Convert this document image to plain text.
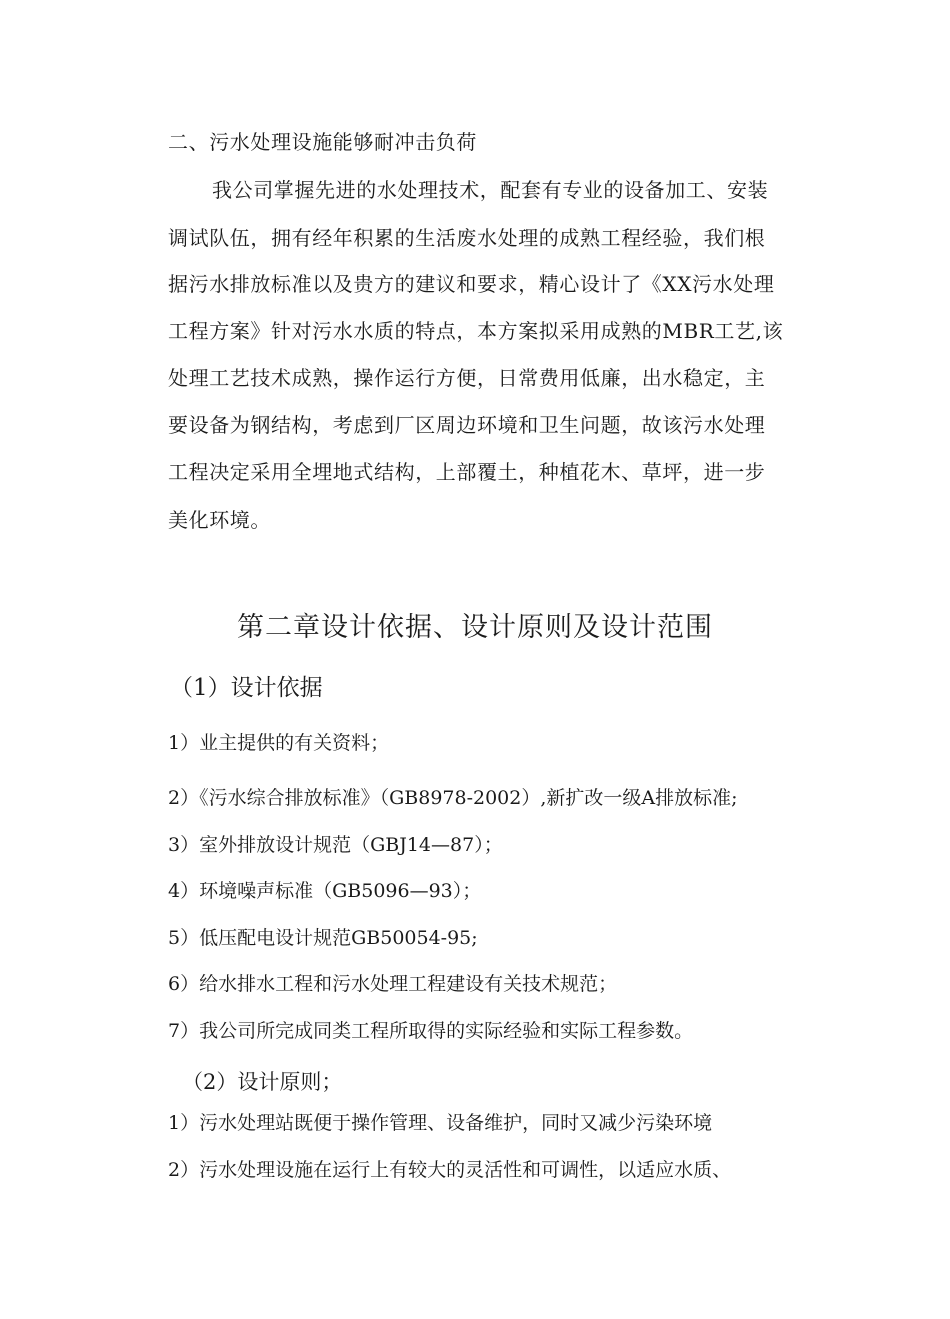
二、污水处理设施能够耐冲击负荷
我公司掌握先进的水处理技术，配套有专业的设备加工、安装
调试队伍，拥有经年积累的生活废水处理的成熟工程经验，我们根
据污水排放标准以及贵方的建议和要求，精心设计了《XX污水处理
工程方案》针对污水水质的特点，本方案拟采用成熟的MBR工艺,该
处理工艺技术成熟，操作运行方便，日常费用低廉，出水稳定，主
要设备为钢结构，考虑到厂区周边环境和卫生问题，故该污水处理
工程决定采用全埋地式结构，上部覆土，种植花木、草坪，进一步
美化环境。
第二章设计依据、设计原则及设计范围
（1）设计依据
1）业主提供的有关资料；
2）《污水综合排放标准》（GB8978-2002）,新扩改一级A排放标准;
3）室外排放设计规范（GBJ14—87）；
4）环境噪声标准（GB5096—93）；
5）低压配电设计规范GB50054-95;
6）给水排水工程和污水处理工程建设有关技术规范；
7）我公司所完成同类工程所取得的实际经验和实际工程参数。
（2）设计原则；
1）污水处理站既便于操作管理、设备维护，同时又减少污染环境
2）污水处理设施在运行上有较大的灵活性和可调性，以适应水质、
